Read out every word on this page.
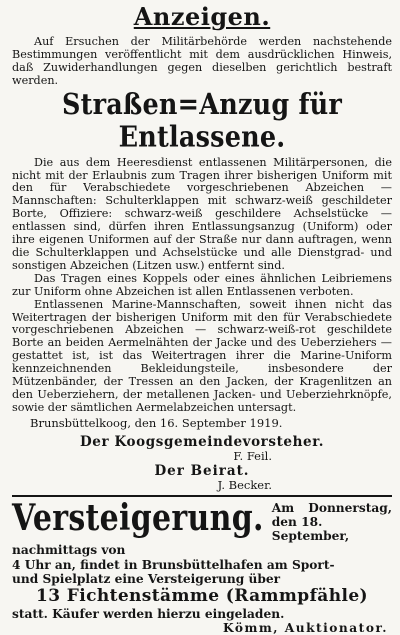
Anzeigen.

Auf Ersuchen der Militärbehörde werden nachstehende Bestimmungen veröffentlicht mit dem ausdrücklichen Hinweis, daß Zuwiderhandlungen gegen dieselben gerichtlich bestraft werden.

Straßen=Anzug für Entlassene.

Die aus dem Heeresdienst entlassenen Militärpersonen, die nicht mit der Erlaubnis zum Tragen ihrer bisherigen Uniform mit den für Verabschiedete vorgeschriebenen Abzeichen — Mannschaften: Schulterklappen mit schwarz-weiß geschildeter Borte, Offiziere: schwarz-weiß geschildere Achselstücke — entlassen sind, dürfen ihren Entlassungsanzug (Uniform) oder ihre eigenen Uniformen auf der Straße nur dann auftragen, wenn die Schulterklappen und Achselstücke und alle Dienstgrad- und sonstigen Abzeichen (Litzen usw.) entfernt sind.

Das Tragen eines Koppels oder eines ähnlichen Leibriemens zur Uniform ohne Abzeichen ist allen Entlassenen verboten.

Entlassenen Marine-Mannschaften, soweit ihnen nicht das Weitertragen der bisherigen Uniform mit den für Verabschiedete vorgeschriebenen Abzeichen — schwarz-weiß-rot geschildete Borte an beiden Aermelnähten der Jacke und des Ueberziehers — gestattet ist, ist das Weitertragen ihrer die Marine-Uniform kennzeichnenden Bekleidungsteile, insbesondere der Mützenbänder, der Tressen an den Jacken, der Kragenlitzen an den Ueberziehern, der metallenen Jacken- und Ueberziehrknöpfe, sowie der sämtlichen Aermelabzeichen untersagt.

Brunsbüttelkoog, den 16. September 1919.
Der Koogsgemeindevorsteher.
F. Feil.
Der Beirat.
J. Becker.
Versteigerung. Am Donnerstag, den 18.
September, nachmittags von
4 Uhr an, findet in Brunsbüttelhafen am Sport-
und Spielplatz eine Versteigerung über
13 Fichtenstämme (Rammpfähle)
statt. Käufer werden hierzu eingeladen.
Kömm, Auktionator.
